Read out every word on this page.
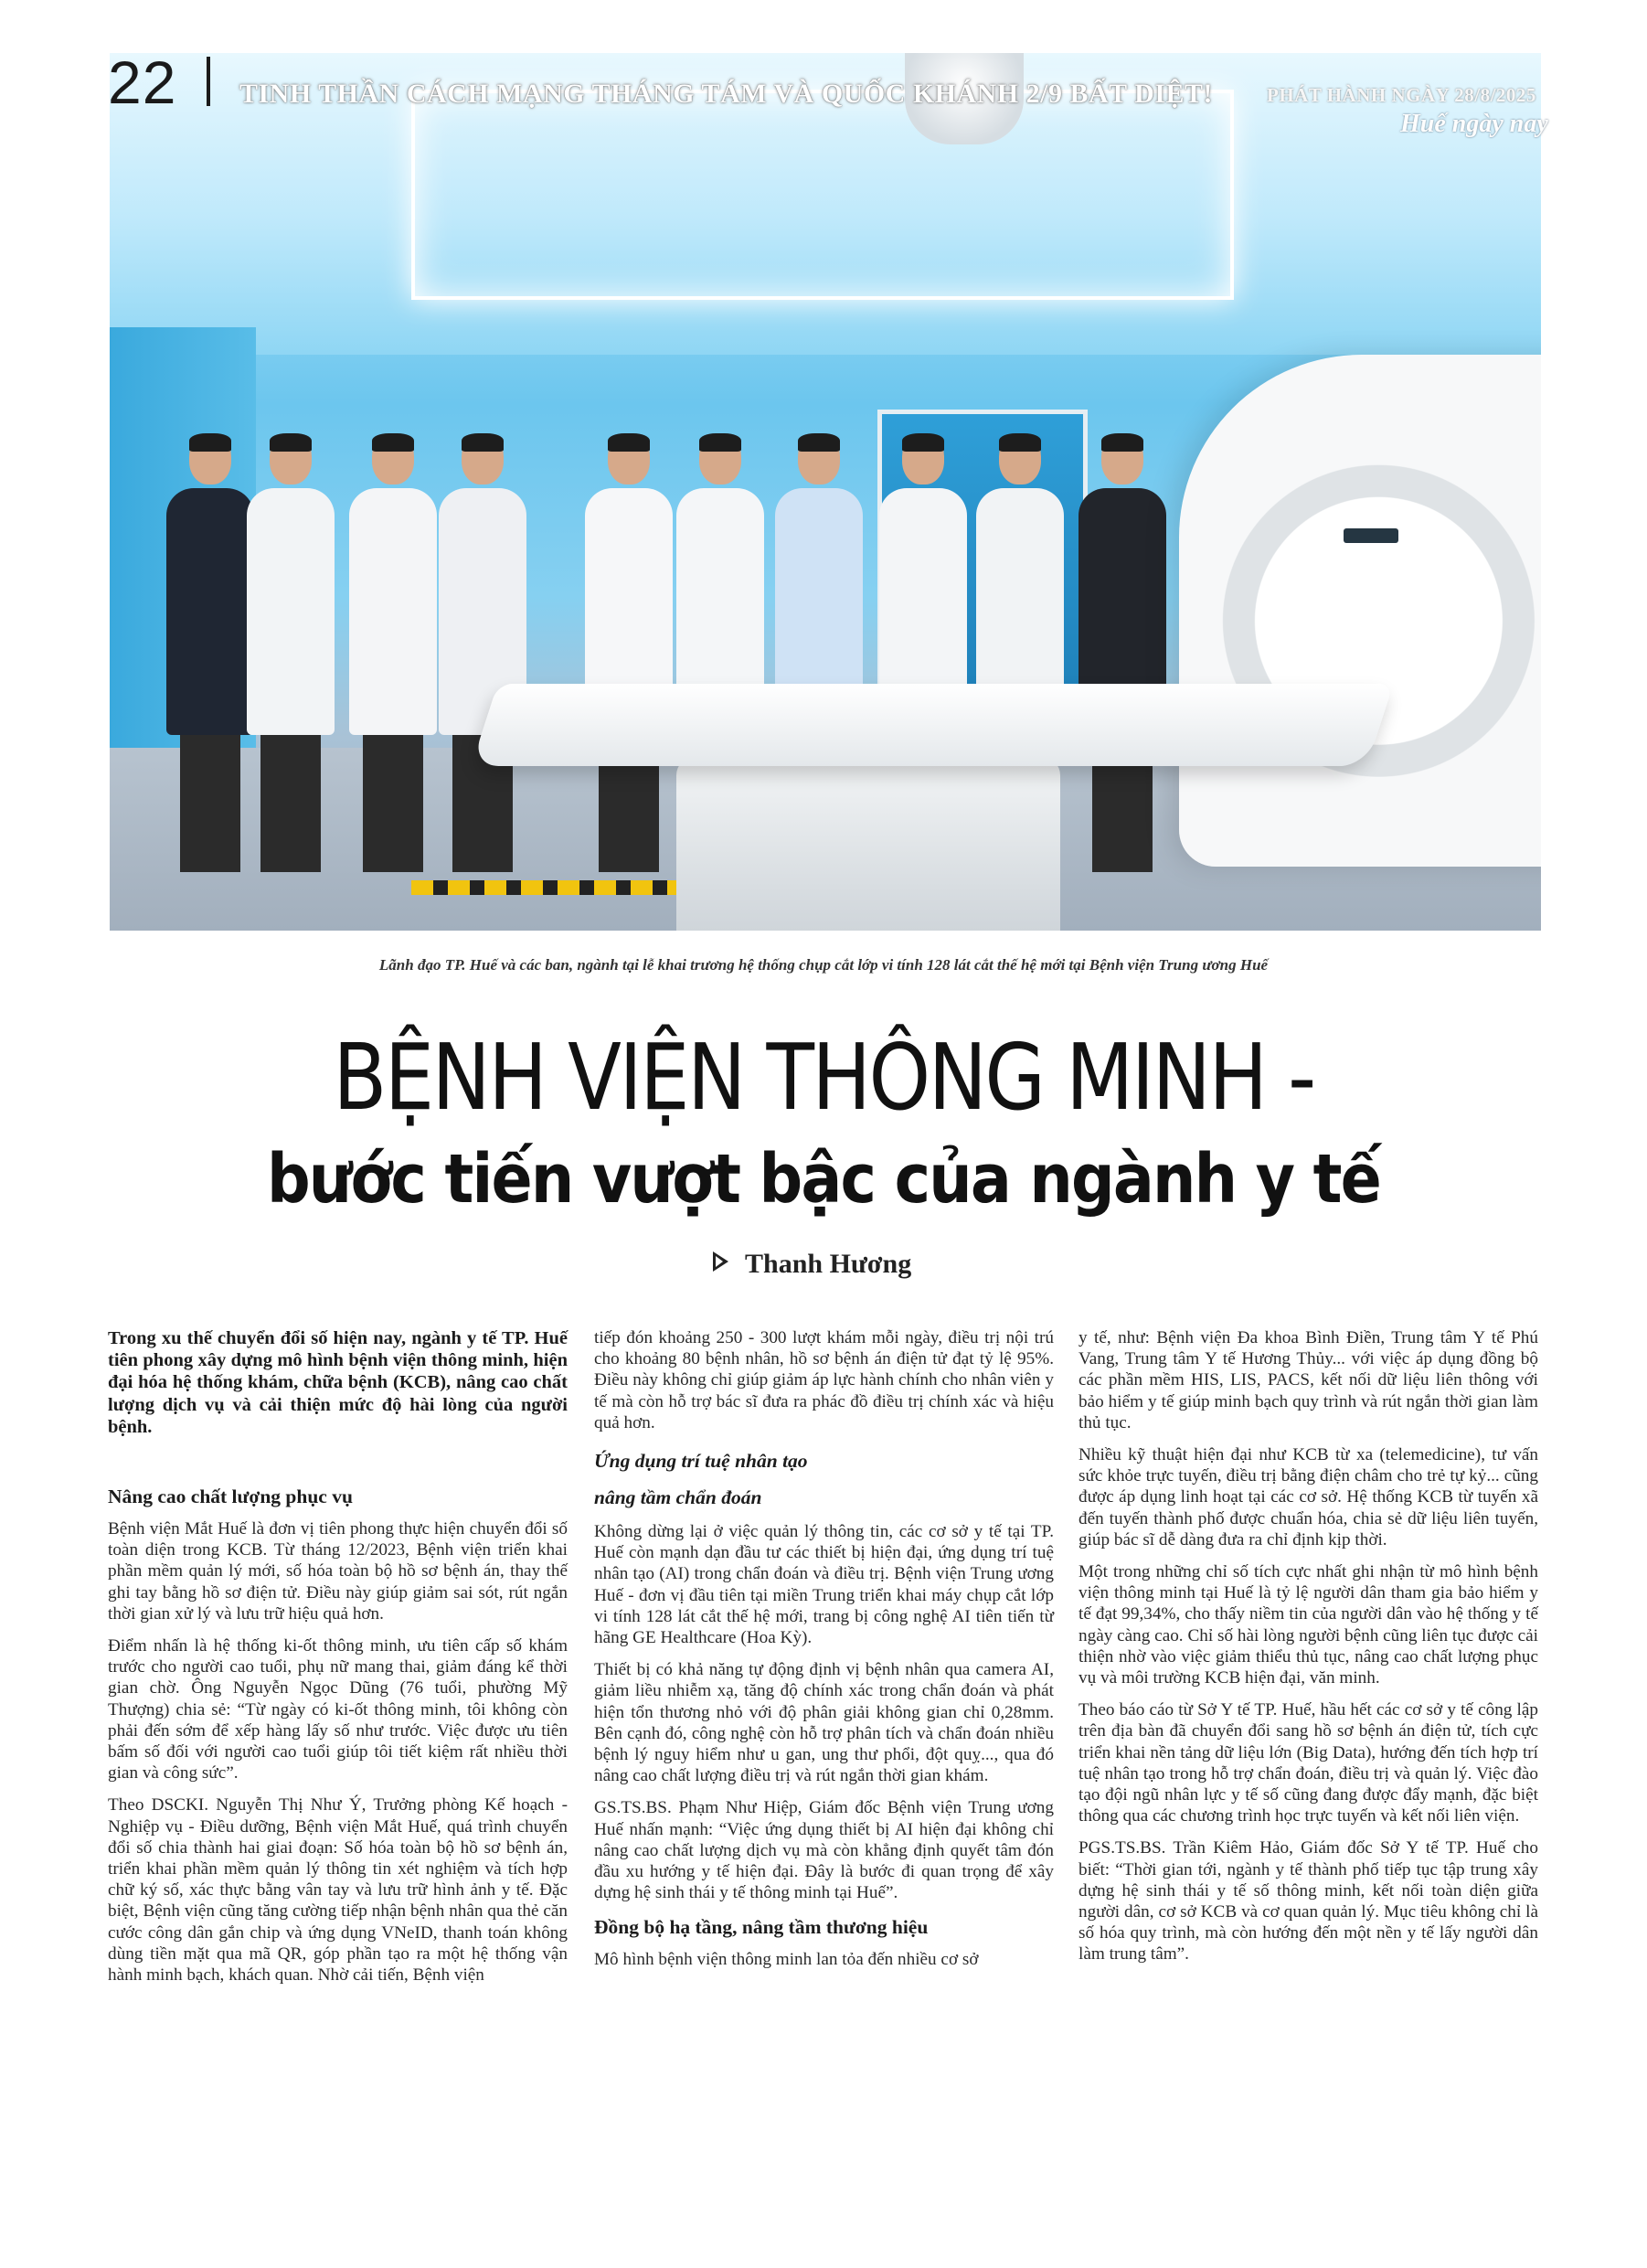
22 TINH THẦN CÁCH MẠNG THÁNG TÁM VÀ QUỐC KHÁNH 2/9 BẤT DIỆT!	PHÁT HÀNH NGÀY 28/8/2025
Huế ngày nay
Lãnh đạo TP. Huế và các ban, ngành tại lễ khai trương hệ thống chụp cắt lớp vi tính 128 lát cắt thế hệ mới tại Bệnh viện Trung ương Huế
BỆNH VIỆN THÔNG MINH -
bước tiến vượt bậc của ngành y tế
Thanh Hương

Trong xu thế chuyển đổi số hiện nay, ngành y tế TP. Huế tiên phong xây dựng mô hình bệnh viện thông minh, hiện đại hóa hệ thống khám, chữa bệnh (KCB), nâng cao chất lượng dịch vụ và cải thiện mức độ hài lòng của người bệnh.

Nâng cao chất lượng phục vụ

Bệnh viện Mắt Huế là đơn vị tiên phong thực hiện chuyển đổi số toàn diện trong KCB. Từ tháng 12/2023, Bệnh viện triển khai phần mềm quản lý mới, số hóa toàn bộ hồ sơ bệnh án, thay thế ghi tay bằng hồ sơ điện tử. Điều này giúp giảm sai sót, rút ngắn thời gian xử lý và lưu trữ hiệu quả hơn.

Điểm nhấn là hệ thống ki-ốt thông minh, ưu tiên cấp số khám trước cho người cao tuổi, phụ nữ mang thai, giảm đáng kể thời gian chờ. Ông Nguyễn Ngọc Dũng (76 tuổi, phường Mỹ Thượng) chia sẻ: “Từ ngày có ki-ốt thông minh, tôi không còn phải đến sớm để xếp hàng lấy số như trước. Việc được ưu tiên bấm số đối với người cao tuổi giúp tôi tiết kiệm rất nhiều thời gian và công sức”.

Theo DSCKI. Nguyễn Thị Như Ý, Trưởng phòng Kế hoạch - Nghiệp vụ - Điều dưỡng, Bệnh viện Mắt Huế, quá trình chuyển đổi số chia thành hai giai đoạn: Số hóa toàn bộ hồ sơ bệnh án, triển khai phần mềm quản lý thông tin xét nghiệm và tích hợp chữ ký số, xác thực bằng vân tay và lưu trữ hình ảnh y tế. Đặc biệt, Bệnh viện cũng tăng cường tiếp nhận bệnh nhân qua thẻ căn cước công dân gắn chip và ứng dụng VNeID, thanh toán không dùng tiền mặt qua mã QR, góp phần tạo ra một hệ thống vận hành minh bạch, khách quan. Nhờ cải tiến, Bệnh viện

tiếp đón khoảng 250 - 300 lượt khám mỗi ngày, điều trị nội trú cho khoảng 80 bệnh nhân, hồ sơ bệnh án điện tử đạt tỷ lệ 95%. Điều này không chỉ giúp giảm áp lực hành chính cho nhân viên y tế mà còn hỗ trợ bác sĩ đưa ra phác đồ điều trị chính xác và hiệu quả hơn.

Ứng dụng trí tuệ nhân tạo
nâng tầm chẩn đoán

Không dừng lại ở việc quản lý thông tin, các cơ sở y tế tại TP. Huế còn mạnh dạn đầu tư các thiết bị hiện đại, ứng dụng trí tuệ nhân tạo (AI) trong chẩn đoán và điều trị. Bệnh viện Trung ương Huế - đơn vị đầu tiên tại miền Trung triển khai máy chụp cắt lớp vi tính 128 lát cắt thế hệ mới, trang bị công nghệ AI tiên tiến từ hãng GE Healthcare (Hoa Kỳ).

Thiết bị có khả năng tự động định vị bệnh nhân qua camera AI, giảm liều nhiễm xạ, tăng độ chính xác trong chẩn đoán và phát hiện tổn thương nhỏ với độ phân giải không gian chỉ 0,28mm. Bên cạnh đó, công nghệ còn hỗ trợ phân tích và chẩn đoán nhiều bệnh lý nguy hiểm như u gan, ung thư phổi, đột quỵ..., qua đó nâng cao chất lượng điều trị và rút ngắn thời gian khám.

GS.TS.BS. Phạm Như Hiệp, Giám đốc Bệnh viện Trung ương Huế nhấn mạnh: “Việc ứng dụng thiết bị AI hiện đại không chỉ nâng cao chất lượng dịch vụ mà còn khẳng định quyết tâm đón đầu xu hướng y tế hiện đại. Đây là bước đi quan trọng để xây dựng hệ sinh thái y tế thông minh tại Huế”.

Đồng bộ hạ tầng, nâng tầm thương hiệu

Mô hình bệnh viện thông minh lan tỏa đến nhiều cơ sở

y tế, như: Bệnh viện Đa khoa Bình Điền, Trung tâm Y tế Phú Vang, Trung tâm Y tế Hương Thủy... với việc áp dụng đồng bộ các phần mềm HIS, LIS, PACS, kết nối dữ liệu liên thông với bảo hiểm y tế giúp minh bạch quy trình và rút ngắn thời gian làm thủ tục.

Nhiều kỹ thuật hiện đại như KCB từ xa (telemedicine), tư vấn sức khỏe trực tuyến, điều trị bằng điện châm cho trẻ tự kỷ... cũng được áp dụng linh hoạt tại các cơ sở. Hệ thống KCB từ tuyến xã đến tuyến thành phố được chuẩn hóa, chia sẻ dữ liệu liên tuyến, giúp bác sĩ dễ dàng đưa ra chỉ định kịp thời.

Một trong những chỉ số tích cực nhất ghi nhận từ mô hình bệnh viện thông minh tại Huế là tỷ lệ người dân tham gia bảo hiểm y tế đạt 99,34%, cho thấy niềm tin của người dân vào hệ thống y tế ngày càng cao. Chỉ số hài lòng người bệnh cũng liên tục được cải thiện nhờ vào việc giảm thiểu thủ tục, nâng cao chất lượng phục vụ và môi trường KCB hiện đại, văn minh.

Theo báo cáo từ Sở Y tế TP. Huế, hầu hết các cơ sở y tế công lập trên địa bàn đã chuyển đổi sang hồ sơ bệnh án điện tử, tích cực triển khai nền tảng dữ liệu lớn (Big Data), hướng đến tích hợp trí tuệ nhân tạo trong hỗ trợ chẩn đoán, điều trị và quản lý. Việc đào tạo đội ngũ nhân lực y tế số cũng đang được đẩy mạnh, đặc biệt thông qua các chương trình học trực tuyến và kết nối liên viện.

PGS.TS.BS. Trần Kiêm Hảo, Giám đốc Sở Y tế TP. Huế cho biết: “Thời gian tới, ngành y tế thành phố tiếp tục tập trung xây dựng hệ sinh thái y tế số thông minh, kết nối toàn diện giữa người dân, cơ sở KCB và cơ quan quản lý. Mục tiêu không chỉ là số hóa quy trình, mà còn hướng đến một nền y tế lấy người dân làm trung tâm”.
